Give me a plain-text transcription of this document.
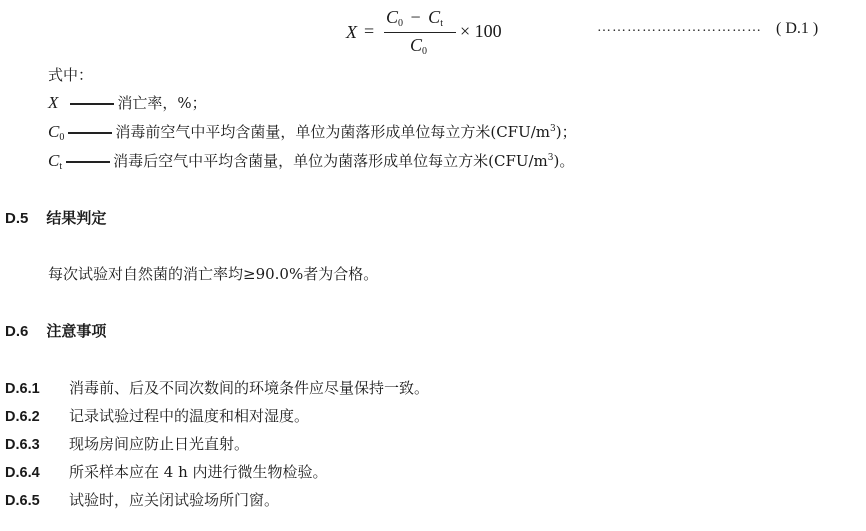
X =
$C_0 - C_t$
$C_0$
× 100	…………………………… ( D.1 )
式中：
X	消亡率，%；
$C_0$	消毒前空气中平均含菌量，单位为菌落形成单位每立方米$(CFU/m^3)$；
$C_t$	消毒后空气中平均含菌量，单位为菌落形成单位每立方米$(CFU/m^3)$。
D.5 结果判定
每次试验对自然菌的消亡率均≥90.0%者为合格。
D.6 注意事项
D.6.1 消毒前、后及不同次数间的环境条件应尽量保持一致。
D.6.2 记录试验过程中的温度和相对湿度。
D.6.3 现场房间应防止日光直射。
D.6.4 所采样本应在 4 h 内进行微生物检验。
D.6.5 试验时，应关闭试验场所门窗。
